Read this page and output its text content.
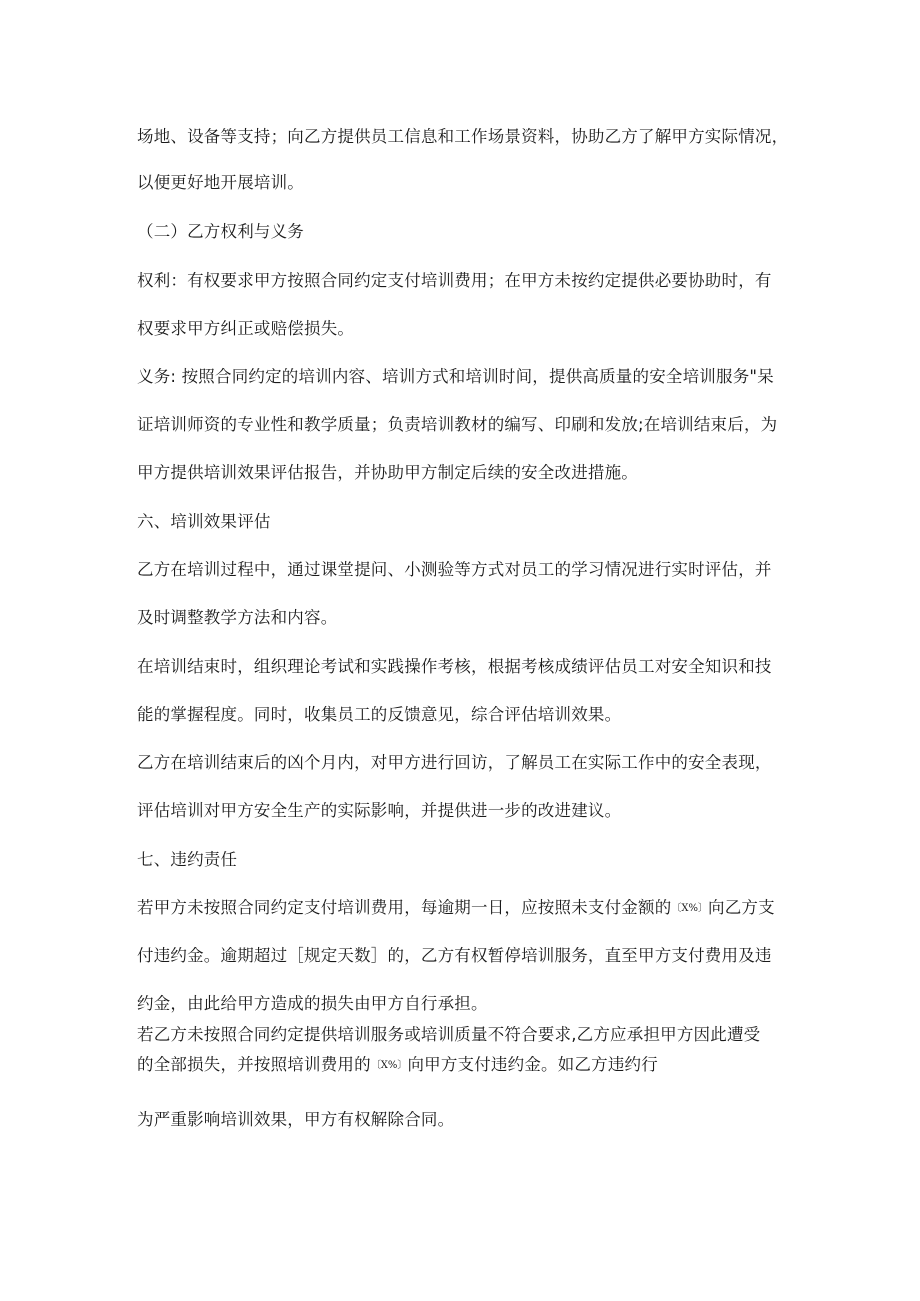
场地、设备等支持；向乙方提供员工信息和工作场景资料，协助乙方了解甲方实际情况，
以便更好地开展培训。
（二）乙方权利与义务
权利：有权要求甲方按照合同约定支付培训费用；在甲方未按约定提供必要协助时，有
权要求甲方纠正或赔偿损失。
义务: 按照合同约定的培训内容、培训方式和培训时间，提供高质量的安全培训服务"呆
证培训师资的专业性和教学质量；负责培训教材的编写、印刷和发放;在培训结束后，为
甲方提供培训效果评估报告，并协助甲方制定后续的安全改进措施。
六、培训效果评估
乙方在培训过程中，通过课堂提问、小测验等方式对员工的学习情况进行实时评估，并
及时调整教学方法和内容。
在培训结束时，组织理论考试和实践操作考核，根据考核成绩评估员工对安全知识和技
能的掌握程度。同时，收集员工的反馈意见，综合评估培训效果。
乙方在培训结束后的凶个月内，对甲方进行回访，了解员工在实际工作中的安全表现，
评估培训对甲方安全生产的实际影响，并提供进一步的改进建议。
七、违约责任
若甲方未按照合同约定支付培训费用，每逾期一日，应按照未支付金额的〔X%〕向乙方支
付违约金。逾期超过［规定天数］的，乙方有权暂停培训服务，直至甲方支付费用及违
约金，由此给甲方造成的损失由甲方自行承担。
若乙方未按照合同约定提供培训服务或培训质量不符合要求,乙方应承担甲方因此遭受
的全部损失，并按照培训费用的〔X%〕向甲方支付违约金。如乙方违约行
为严重影响培训效果，甲方有权解除合同。
